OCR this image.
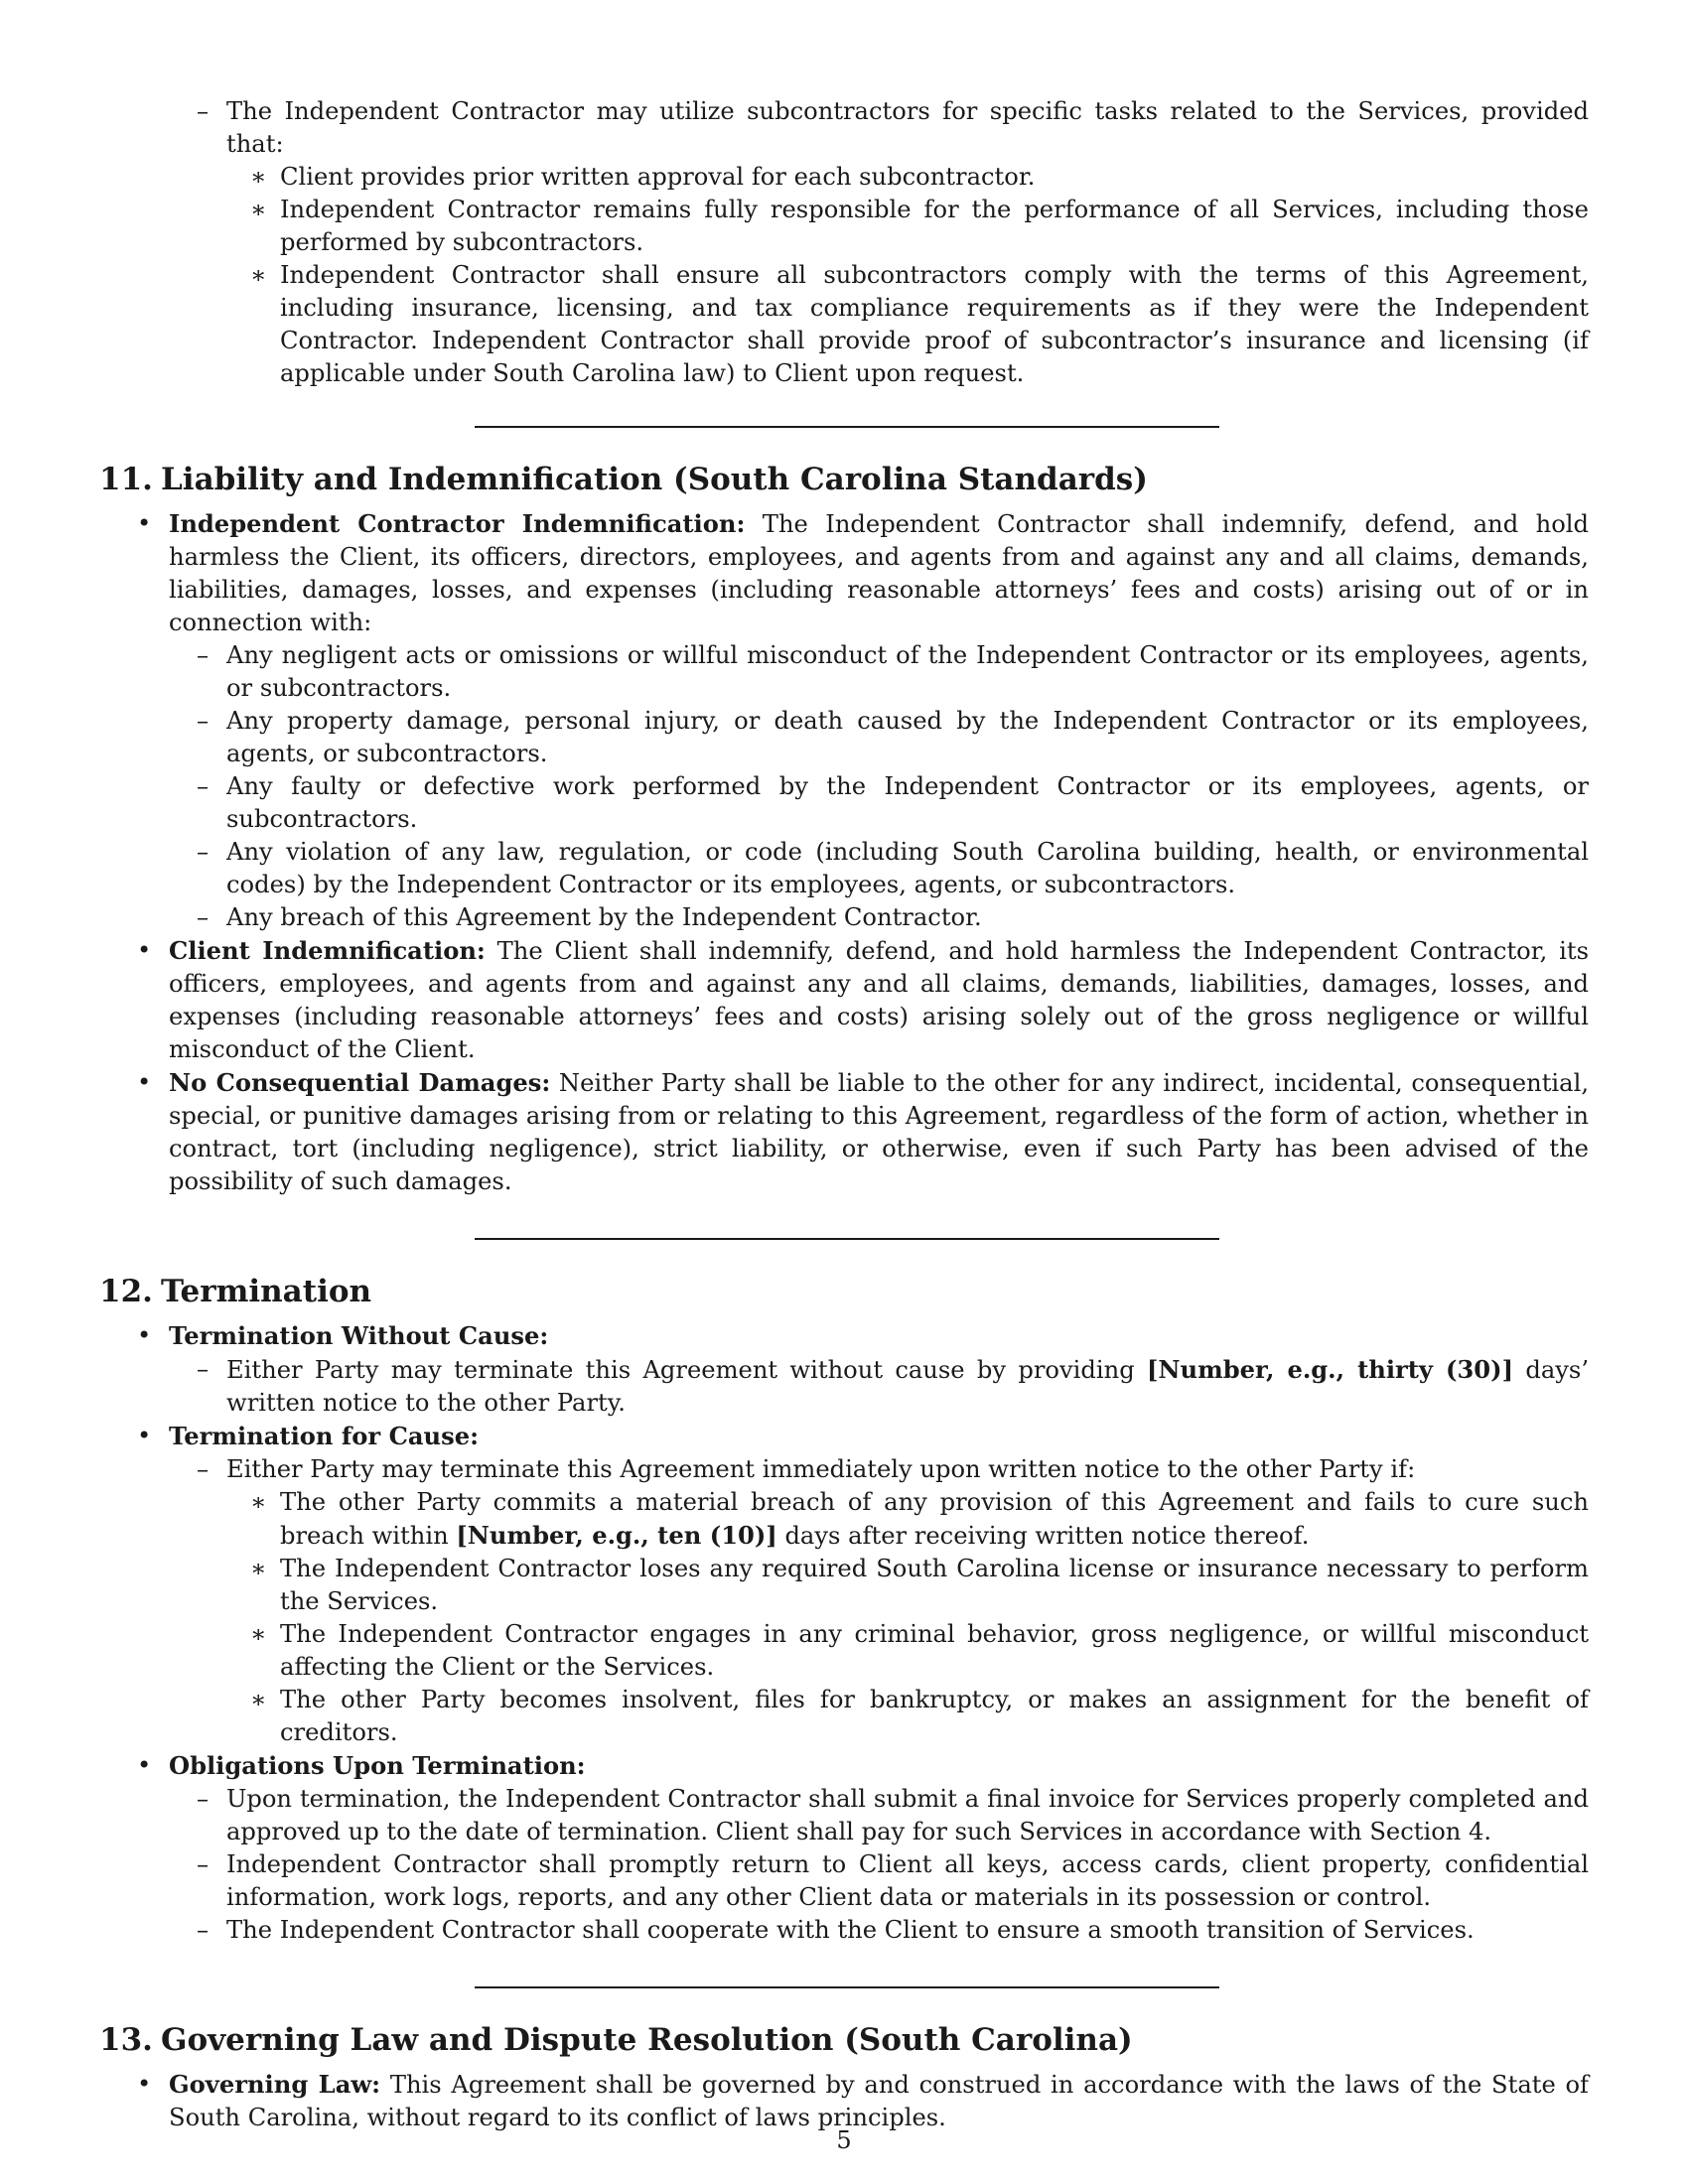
– The Independent Contractor may utilize subcontractors for specific tasks related to the Services, provided that:
∗ Client provides prior written approval for each subcontractor.
∗ Independent Contractor remains fully responsible for the performance of all Services, including those performed by subcontractors.
∗ Independent Contractor shall ensure all subcontractors comply with the terms of this Agreement, including insurance, licensing, and tax compliance requirements as if they were the Independent Contractor. Independent Contractor shall provide proof of subcontractor’s insurance and licensing (if applicable under South Carolina law) to Client upon request.
11. Liability and Indemnification (South Carolina Standards)
• Independent Contractor Indemnification: The Independent Contractor shall indemnify, defend, and hold harmless the Client, its officers, directors, employees, and agents from and against any and all claims, demands, liabilities, damages, losses, and expenses (including reasonable attorneys’ fees and costs) arising out of or in connection with:
– Any negligent acts or omissions or willful misconduct of the Independent Contractor or its employees, agents, or subcontractors.
– Any property damage, personal injury, or death caused by the Independent Contractor or its employees, agents, or subcontractors.
– Any faulty or defective work performed by the Independent Contractor or its employees, agents, or subcontractors.
– Any violation of any law, regulation, or code (including South Carolina building, health, or environmental codes) by the Independent Contractor or its employees, agents, or subcontractors.
– Any breach of this Agreement by the Independent Contractor.
• Client Indemnification: The Client shall indemnify, defend, and hold harmless the Independent Contractor, its officers, employees, and agents from and against any and all claims, demands, liabilities, damages, losses, and expenses (including reasonable attorneys’ fees and costs) arising solely out of the gross negligence or willful misconduct of the Client.
• No Consequential Damages: Neither Party shall be liable to the other for any indirect, incidental, consequential, special, or punitive damages arising from or relating to this Agreement, regardless of the form of action, whether in contract, tort (including negligence), strict liability, or otherwise, even if such Party has been advised of the possibility of such damages.
12. Termination
• Termination Without Cause:
– Either Party may terminate this Agreement without cause by providing [Number, e.g., thirty (30)] days’ written notice to the other Party.
• Termination for Cause:
– Either Party may terminate this Agreement immediately upon written notice to the other Party if:
∗ The other Party commits a material breach of any provision of this Agreement and fails to cure such breach within [Number, e.g., ten (10)] days after receiving written notice thereof.
∗ The Independent Contractor loses any required South Carolina license or insurance necessary to perform the Services.
∗ The Independent Contractor engages in any criminal behavior, gross negligence, or willful misconduct affecting the Client or the Services.
∗ The other Party becomes insolvent, files for bankruptcy, or makes an assignment for the benefit of creditors.
• Obligations Upon Termination:
– Upon termination, the Independent Contractor shall submit a final invoice for Services properly completed and approved up to the date of termination. Client shall pay for such Services in accordance with Section 4.
– Independent Contractor shall promptly return to Client all keys, access cards, client property, confidential information, work logs, reports, and any other Client data or materials in its possession or control.
– The Independent Contractor shall cooperate with the Client to ensure a smooth transition of Services.
13. Governing Law and Dispute Resolution (South Carolina)
• Governing Law: This Agreement shall be governed by and construed in accordance with the laws of the State of South Carolina, without regard to its conflict of laws principles.
5
